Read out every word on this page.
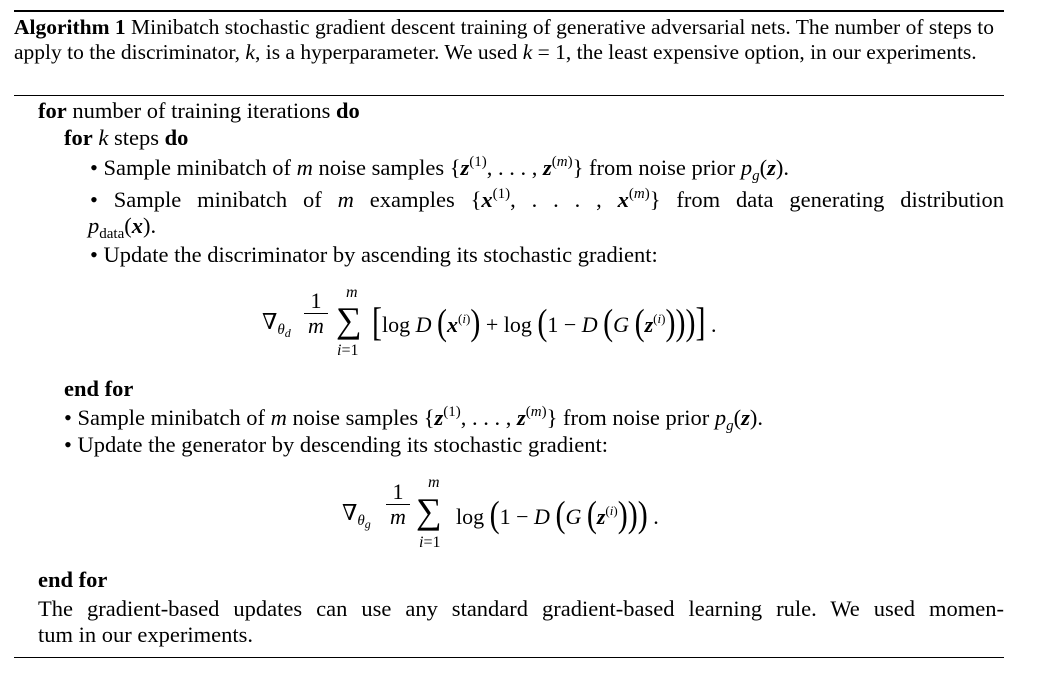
Algorithm 1 Minibatch stochastic gradient descent training of generative adversarial nets. The number of steps to apply to the discriminator, k, is a hyperparameter. We used k = 1, the least expensive option, in our experiments.
for number of training iterations do
for k steps do
• Sample minibatch of m noise samples {$z^{(1)}$, . . . , $z^{(m)}$} from noise prior $p_g(z)$.
• Sample minibatch of m examples {$x^{(1)}$, . . . , $x^{(m)}$} from data generating distribution
$p_{data}(x)$.
• Update the discriminator by ascending its stochastic gradient:
$\nabla_{\theta_d}$
1
m
m
∑
i=1
[log D $(x^{(i)}) + \log (1 - D$ (G $(z^{(i)})$))] .
end for
• Sample minibatch of m noise samples {$z^{(1)}$, . . . , $z^{(m)}$} from noise prior $p_g(z)$.
• Update the generator by descending its stochastic gradient:
$\nabla_{\theta_g}$
1
m
m
∑
i=1
log (1 − D (G $(z^{(i)})$)) .
end for
The gradient-based updates can use any standard gradient-based learning rule. We used momen-
tum in our experiments.
